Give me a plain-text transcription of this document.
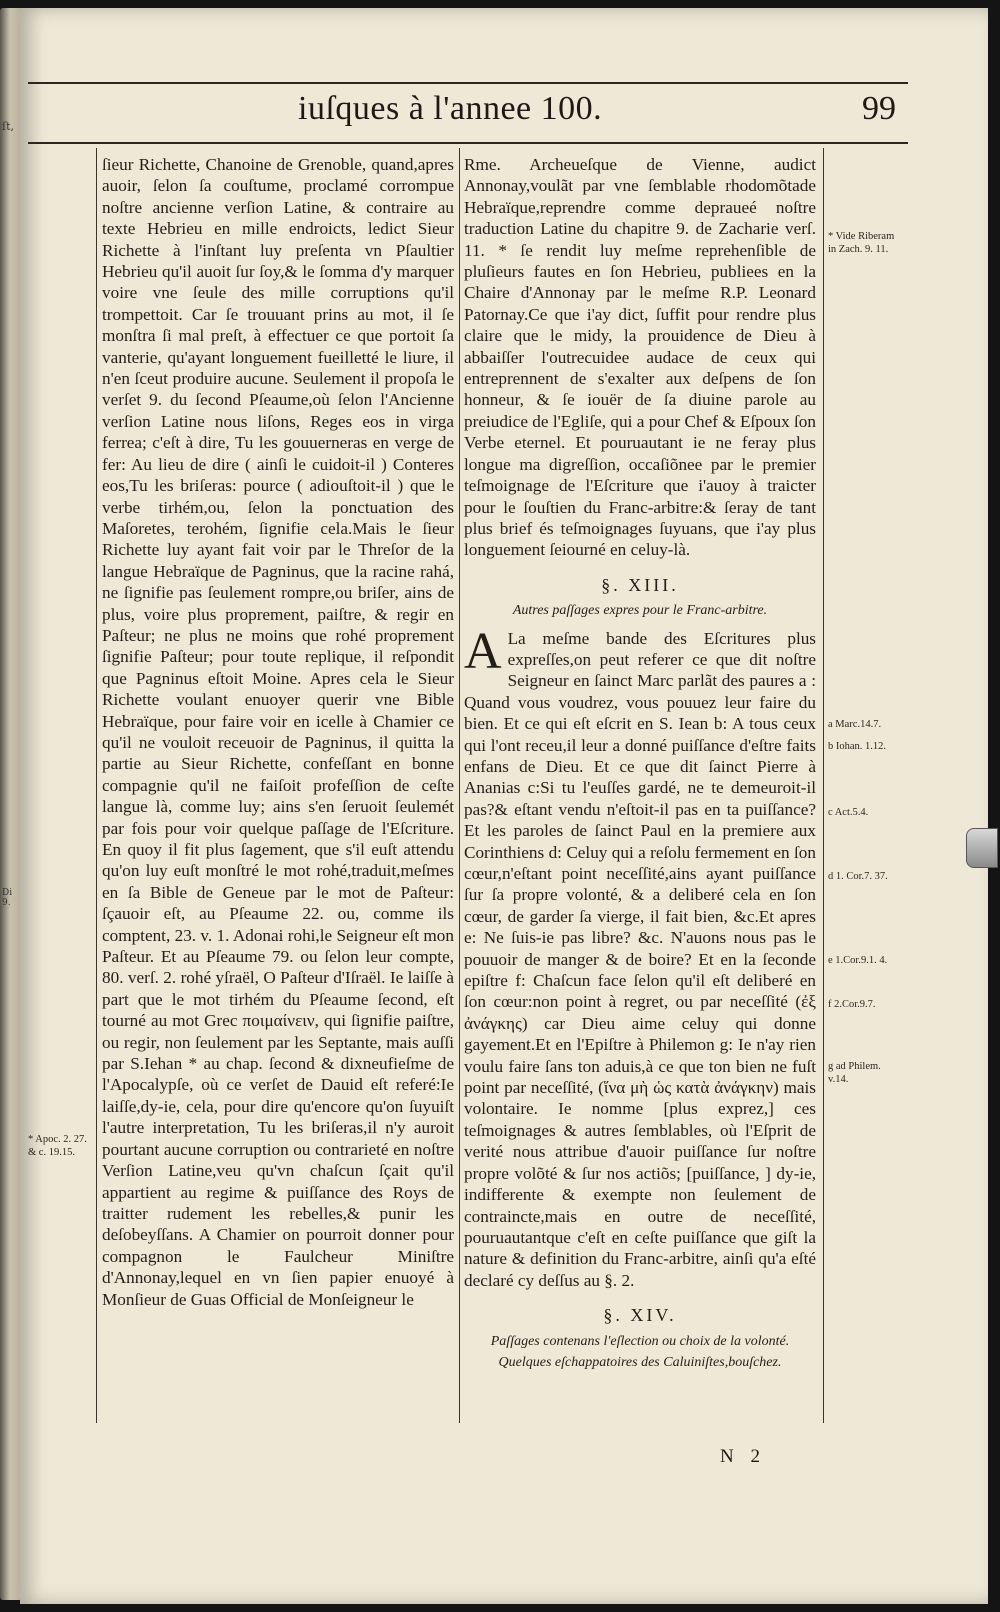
ſt,
Di 9.
iuſques à l'annee 100.	99

ſieur Richette, Chanoine de Grenoble, quand,apres auoir, ſelon ſa couſtume, proclamé corrompue noſtre ancienne verſion Latine, & contraire au texte Hebrieu en mille endroicts, ledict Sieur Richette à l'inſtant luy preſenta vn Pſaultier Hebrieu qu'il auoit ſur ſoy,& le ſomma d'y marquer voire vne ſeule des mille corruptions qu'il trompettoit. Car ſe trouuant prins au mot, il ſe monſtra ſi mal preſt, à effectuer ce que portoit ſa vanterie, qu'ayant longuement fueilletté le liure, il n'en ſceut produire aucune. Seulement il propoſa le verſet 9. du ſecond Pſeaume,où ſelon l'Ancienne verſion Latine nous liſons, Reges eos in virga ferrea; c'eſt à dire, Tu les gouuerneras en verge de fer: Au lieu de dire ( ainſi le cuidoit-il ) Conteres eos,Tu les briſeras: pource ( adiouſtoit-il ) que le verbe tirhém,ou, ſelon la ponctuation des Maſoretes, terohém, ſignifie cela.Mais le ſieur Richette luy ayant fait voir par le Threſor de la langue Hebraïque de Pagninus, que la racine rahá, ne ſignifie pas ſeulement rompre,ou briſer, ains de plus, voire plus proprement, paiſtre, & regir en Paſteur; ne plus ne moins que rohé proprement ſignifie Paſteur; pour toute replique, il reſpondit que Pagninus eſtoit Moine. Apres cela le Sieur Richette voulant enuoyer querir vne Bible Hebraïque, pour faire voir en icelle à Chamier ce qu'il ne vouloit receuoir de Pagninus, il quitta la partie au Sieur Richette, confeſſant en bonne compagnie qu'il ne faiſoit profeſſion de ceſte langue là, comme luy; ains s'en ſeruoit ſeulemét par fois pour voir quelque paſſage de l'Eſcriture. En quoy il fit plus ſagement, que s'il euſt attendu qu'on luy euſt monſtré le mot rohé,traduit,meſmes en ſa Bible de Geneue par le mot de Paſteur: ſçauoir eſt, au Pſeaume 22. ou, comme ils comptent, 23. v. 1. Adonai rohi,le Seigneur eſt mon Paſteur. Et au Pſeaume 79. ou ſelon leur compte, 80. verſ. 2. rohé yſraël, O Paſteur d'Iſraël. Ie laiſſe à part que le mot tirhém du Pſeaume ſecond, eſt tourné au mot Grec ποιμαίνειν, qui ſignifie paiſtre, ou regir, non ſeulement par les Septante, mais auſſi par S.Iehan * au chap. ſecond & dixneufieſme de l'Apocalypſe, où ce verſet de Dauid eſt referé:Ie laiſſe,dy-ie, cela, pour dire qu'encore qu'on ſuyuiſt l'autre interpretation, Tu les briſeras,il n'y auroit pourtant aucune corruption ou contrarieté en noſtre Verſion Latine,veu qu'vn chaſcun ſçait qu'il appartient au regime & puiſſance des Roys de traitter rudement les rebelles,& punir les deſobeyſſans. A Chamier on pourroit donner pour compagnon le Faulcheur Miniſtre d'Annonay,lequel en vn ſien papier enuoyé à Monſieur de Guas Official de Monſeigneur le

Rme. Archeueſque de Vienne, audict Annonay,voulãt par vne ſemblable rhodomõtade Hebraïque,reprendre comme depraueé noſtre traduction Latine du chapitre 9. de Zacharie verſ. 11. * ſe rendit luy meſme reprehenſible de pluſieurs fautes en ſon Hebrieu, publiees en la Chaire d'Annonay par le meſme R.P. Leonard Patornay.Ce que i'ay dict, ſuffit pour rendre plus claire que le midy, la prouidence de Dieu à abbaiſſer l'outrecuidee audace de ceux qui entreprennent de s'exalter aux deſpens de ſon honneur, & ſe iouër de ſa diuine parole au preiudice de l'Egliſe, qui a pour Chef & Eſpoux ſon Verbe eternel. Et pouruautant ie ne feray plus longue ma digreſſion, occaſiõnee par le premier teſmoignage de l'Eſcriture que i'auoy à traicter pour le ſouſtien du Franc-arbitre:& ſeray de tant plus brief és teſmoignages ſuyuans, que i'ay plus longuement ſeiourné en celuy-là.

§. XIII.
Autres paſſages expres pour le Franc-arbitre.
A La meſme bande des Eſcritures plus expreſſes,on peut referer ce que dit noſtre Seigneur en ſainct Marc parlãt des paures a : Quand vous voudrez, vous pouuez leur faire du bien. Et ce qui eſt eſcrit en S. Iean b: A tous ceux qui l'ont receu,il leur a donné puiſſance d'eſtre faits enfans de Dieu. Et ce que dit ſainct Pierre à Ananias c:Si tu l'euſſes gardé, ne te demeuroit-il pas?& eſtant vendu n'eſtoit-il pas en ta puiſſance? Et les paroles de ſainct Paul en la premiere aux Corinthiens d: Celuy qui a reſolu fermement en ſon cœur,n'eſtant point neceſſité,ains ayant puiſſance ſur ſa propre volonté, & a deliberé cela en ſon cœur, de garder ſa vierge, il fait bien, &c.Et apres e: Ne ſuis-ie pas libre? &c. N'auons nous pas le pouuoir de manger & de boire? Et en la ſeconde epiſtre f: Chaſcun face ſelon qu'il eſt deliberé en ſon cœur:non point à regret, ou par neceſſité (ἐξ ἀνάγκης) car Dieu aime celuy qui donne gayement.Et en l'Epiſtre à Philemon g: Ie n'ay rien voulu faire ſans ton aduis,à ce que ton bien ne fuſt point par neceſſité, (ἵνα μὴ ὡς κατὰ ἀνάγκην) mais volontaire. Ie nomme [plus exprez,] ces teſmoignages & autres ſemblables, où l'Eſprit de verité nous attribue d'auoir puiſſance ſur noſtre propre volõté & ſur nos actiõs; [puiſſance, ] dy-ie, indifferente & exempte non ſeulement de contraincte,mais en outre de neceſſité, pouruautantque c'eſt en ceſte puiſſance que giſt la nature & definition du Franc-arbitre, ainſi qu'a eſté declaré cy deſſus au §. 2.

§. XIV.
Paſſages contenans l'eſlection ou choix de la volonté. Quelques eſchappatoires des Caluiniſtes,bouſchez.
* Apoc. 2. 27. & c. 19.15.
* Vide Riberam in Zach. 9. 11.
a Marc.14.7.
b Iohan. 1.12.
c Act.5.4.
d 1. Cor.7. 37.
e 1.Cor.9.1. 4.
f 2.Cor.9.7.
g ad Philem. v.14.
N 2
